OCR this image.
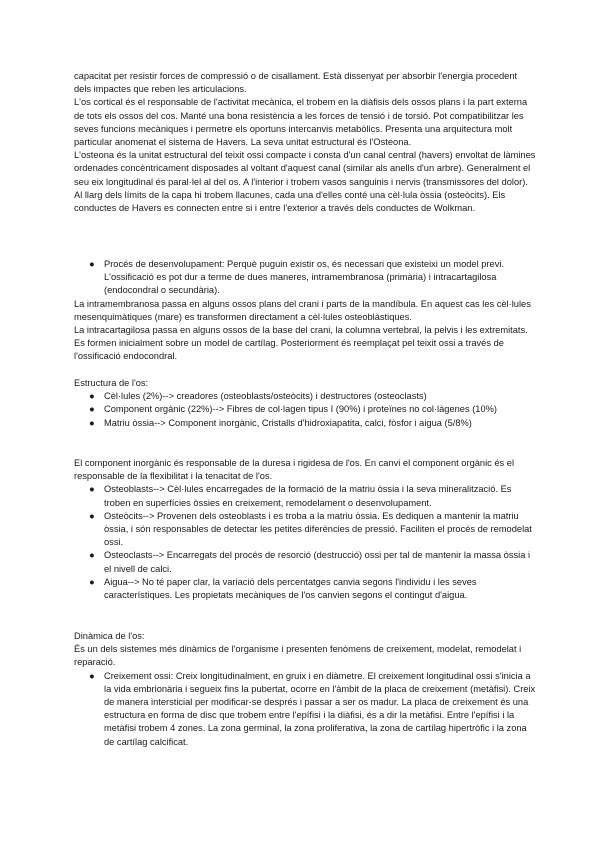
capacitat per resistir forces de compressió o de cisallament. Està dissenyat per absorbir l'energia procedent dels impactes que reben les articulacions.

L'os cortical és el responsable de l'activitat mecànica, el trobem en la diàfisis dels ossos plans i la part externa de tots els ossos del cos. Manté una bona resistència a les forces de tensió i de torsió. Pot compatibilitzar les seves funcions mecàniques i permetre els oportuns intercanvis metabòlics. Presenta una arquitectura molt particular anomenat el sistema de Havers. La seva unitat estructural és l'Osteona.

L'osteona és la unitat estructural del teixit ossi compacte i consta d'un canal central (havers) envoltat de làmines ordenades concèntricament disposades al voltant d'aquest canal (similar als anells d'un arbre). Generalment el seu eix longitudinal és paral·lel al del os. A l'interior i trobem vasos sanguinis i nervis (transmissores del dolor). Al llarg dels límits de la capa hi trobem llacunes, cada una d'elles conté una cèl·lula òssia (osteòcits). Els conductes de Havers es connecten entre si i entre l'exterior a través dels conductes de Wolkman.

●	Procés de desenvolupament: Perquè puguin existir os, és necessari que existeixi un model previ. L'ossificació es pot dur a terme de dues maneres, intramembranosa (primària) i intracartagilosa (endocondral o secundària).

La intramembranosa passa en alguns ossos plans del crani i parts de la mandíbula. En aquest cas les cèl·lules mesenquimàtiques (mare) es transformen directament a cèl·lules osteoblàstiques.

La intracartagilosa passa en alguns ossos de la base del crani, la columna vertebral, la pelvis i les extremitats. Es formen inicialment sobre un model de cartílag. Posteriorment és reemplaçat pel teixit ossi a través de l'ossificació endocondral.

Estructura de l'os:

●	Cèl·lules (2%)--> creadores (osteoblasts/osteòcits) i destructores (osteoclasts)
●	Component orgànic (22%)--> Fibres de col·lagen tipus I (90%) i proteïnes no col·làgenes (10%)
●	Matriu òssia--> Component inorgànic, Cristalls d'hidroxiapatita, calci, fòsfor i aigua (5/8%)

El component inorgànic és responsable de la duresa i rigidesa de l'os. En canvi el component orgànic és el responsable de la flexibilitat i la tenacitat de l'os.

●	Osteoblasts--> Cèl·lules encarregades de la formació de la matriu òssia i la seva mineralització. Es troben en superfícies òssies en creixement, remodelament o desenvolupament.
●	Osteòcits--> Provenen dels osteoblasts i es troba a la matriu òssia. Es dediquen a mantenir la matriu òssia, i són responsables de detectar les petites diferències de pressió. Faciliten el procés de remodelat ossi.
●	Osteoclasts--> Encarregats del procés de resorció (destrucció) ossi per tal de mantenir la massa òssia i el nivell de calci.
●	Aigua--> No té paper clar, la variació dels percentatges canvia segons l'individu i les seves característiques. Les propietats mecàniques de l'os canvien segons el contingut d'aigua.

Dinàmica de l'os:

És un dels sistemes més dinàmics de l'organisme i presenten fenòmens de creixement, modelat, remodelat i reparació.

●	Creixement ossi: Creix longitudinalment, en gruix i en diàmetre. El creixement longitudinal ossi s'inicia a la vida embrionària i segueix fins la pubertat, ocorre en l'àmbit de la placa de creixement (metàfisi). Creix de manera intersticial per modificar-se després i passar a ser os madur. La placa de creixement és una estructura en forma de disc que trobem entre l'epífisi i la diàfisi, és a dir la metàfisi. Entre l'epífisi i la metàfisi trobem 4 zones. La zona germinal, la zona proliferativa, la zona de cartílag hipertròfic i la zona de cartílag calcificat.
